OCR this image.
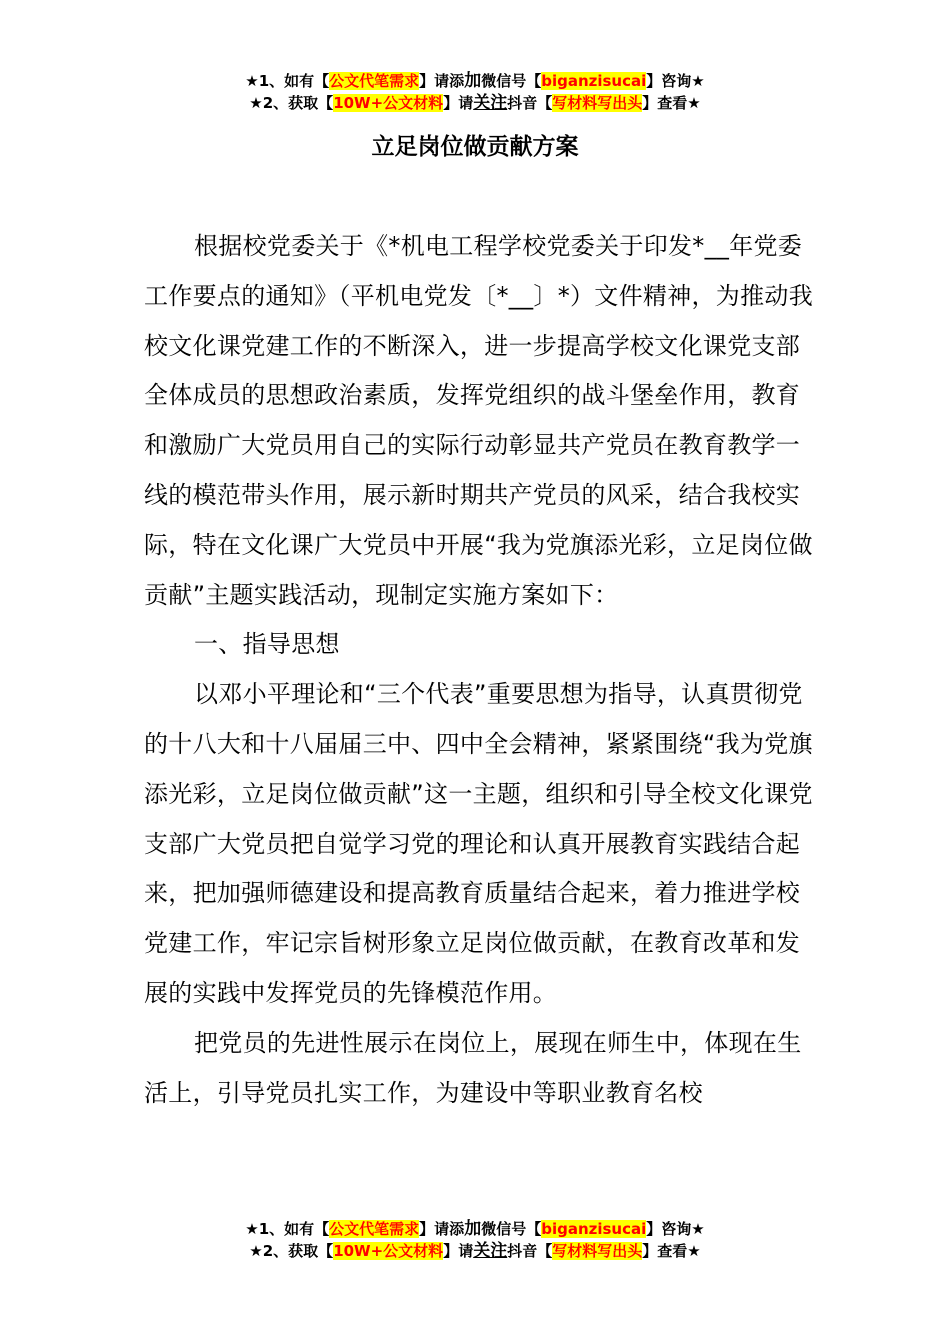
★1、如有【公文代笔需求】请添加微信号【biganzisucai】咨询★
★2、获取【10W+公文材料】请关注抖音【写材料写出头】查看★
立足岗位做贡献方案

根据校党委关于《*机电工程学校党委关于印发*__年党委工作要点的通知》（平机电党发〔*__〕*）文件精神，为推动我校文化课党建工作的不断深入，进一步提高学校文化课党支部全体成员的思想政治素质，发挥党组织的战斗堡垒作用，教育和激励广大党员用自己的实际行动彰显共产党员在教育教学一线的模范带头作用，展示新时期共产党员的风采，结合我校实际，特在文化课广大党员中开展“我为党旗添光彩，立足岗位做贡献”主题实践活动，现制定实施方案如下：

一、指导思想

以邓小平理论和“三个代表”重要思想为指导，认真贯彻党的十八大和十八届届三中、四中全会精神，紧紧围绕“我为党旗添光彩，立足岗位做贡献”这一主题，组织和引导全校文化课党支部广大党员把自觉学习党的理论和认真开展教育实践结合起来，把加强师德建设和提高教育质量结合起来，着力推进学校党建工作，牢记宗旨树形象立足岗位做贡献，在教育改革和发展的实践中发挥党员的先锋模范作用。

把党员的先进性展示在岗位上，展现在师生中，体现在生活上，引导党员扎实工作，为建设中等职业教育名校

★1、如有【公文代笔需求】请添加微信号【biganzisucai】咨询★
★2、获取【10W+公文材料】请关注抖音【写材料写出头】查看★
